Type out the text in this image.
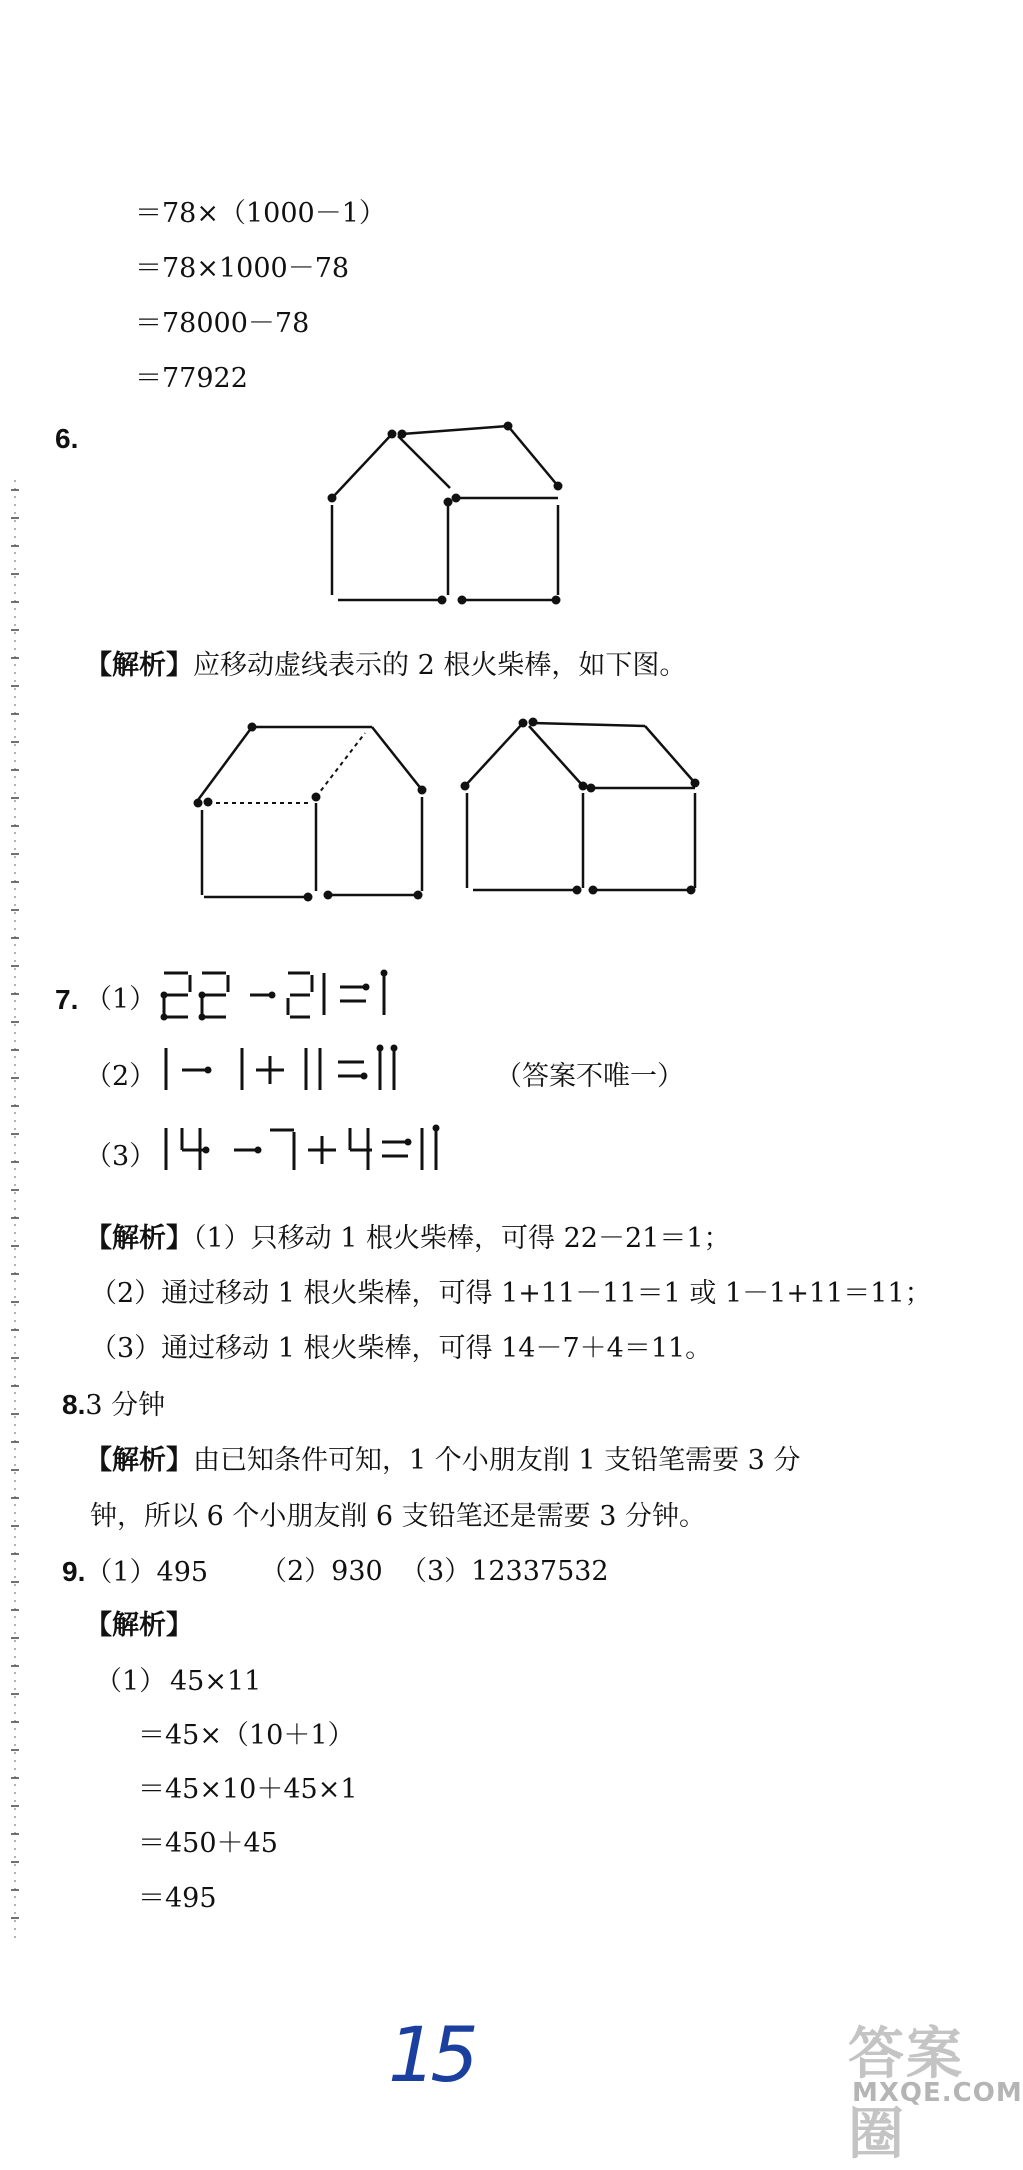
＝78×（1000－1）
＝78×1000－78
＝78000－78
＝77922
6.
【解析】应移动虚线表示的 2 根火柴棒，如下图。
7. （1）
（2）	（答案不唯一）
（3）
【解析】（1）只移动 1 根火柴棒，可得 22－21＝1；
（2）通过移动 1 根火柴棒，可得 1+11－11＝1 或 1－1+11＝11；
（3）通过移动 1 根火柴棒，可得 14－7＋4＝11。
8.3 分钟
【解析】由已知条件可知，1 个小朋友削 1 支铅笔需要 3 分
钟，所以 6 个小朋友削 6 支铅笔还是需要 3 分钟。
9.（1）495 （2）930 （3）12337532
【解析】
（1） 45×11
＝45×（10＋1）
＝45×10＋45×1
＝450＋45
＝495
15	答案圈
MXQE.COM
